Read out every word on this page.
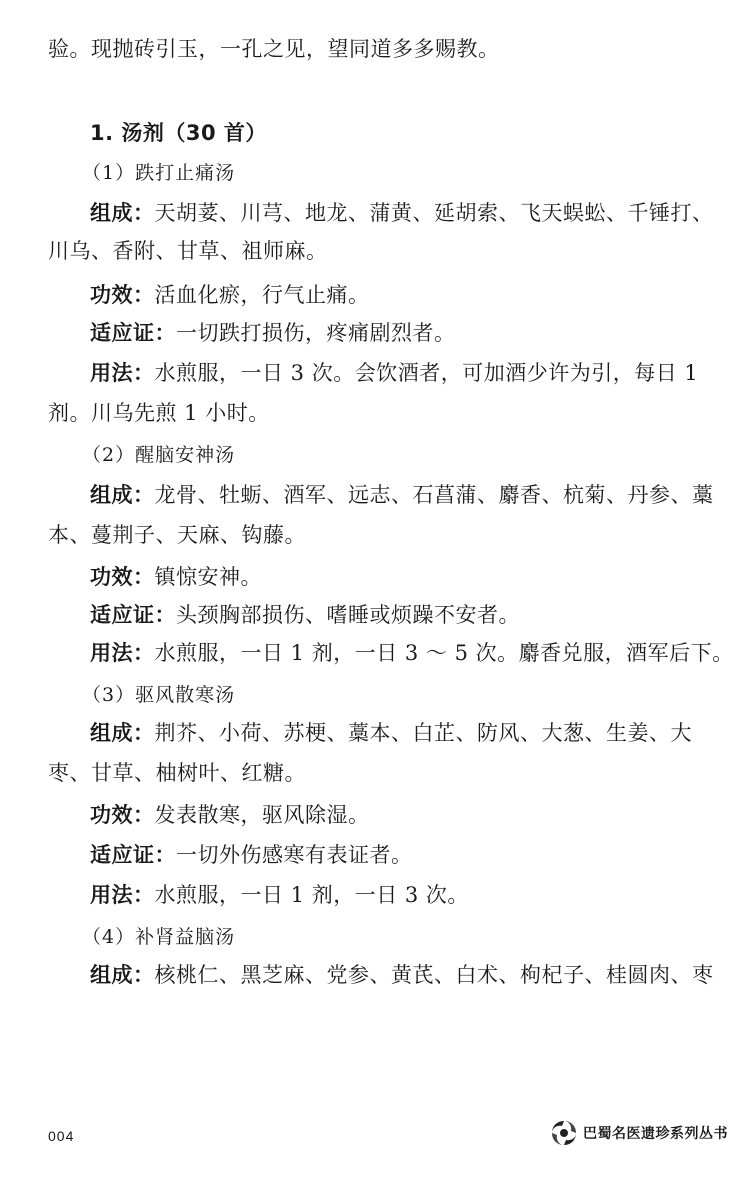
验。现抛砖引玉，一孔之见，望同道多多赐教。
1. 汤剂（30 首）
（1）跌打止痛汤
组成：天胡荽、川芎、地龙、蒲黄、延胡索、飞天蜈蚣、千锤打、
川乌、香附、甘草、祖师麻。
功效：活血化瘀，行气止痛。
适应证：一切跌打损伤，疼痛剧烈者。
用法：水煎服，一日 3 次。会饮酒者，可加酒少许为引，每日 1
剂。川乌先煎 1 小时。
（2）醒脑安神汤
组成：龙骨、牡蛎、酒军、远志、石菖蒲、麝香、杭菊、丹参、藁
本、蔓荆子、天麻、钩藤。
功效：镇惊安神。
适应证：头颈胸部损伤、嗜睡或烦躁不安者。
用法：水煎服，一日 1 剂，一日 3 ～ 5 次。麝香兑服，酒军后下。
（3）驱风散寒汤
组成：荆芥、小荷、苏梗、藁本、白芷、防风、大葱、生姜、大
枣、甘草、柚树叶、红糖。
功效：发表散寒，驱风除湿。
适应证：一切外伤感寒有表证者。
用法：水煎服，一日 1 剂，一日 3 次。
（4）补肾益脑汤
组成：核桃仁、黑芝麻、党参、黄芪、白术、枸杞子、桂圆肉、枣
004	巴蜀名医遗珍系列丛书
